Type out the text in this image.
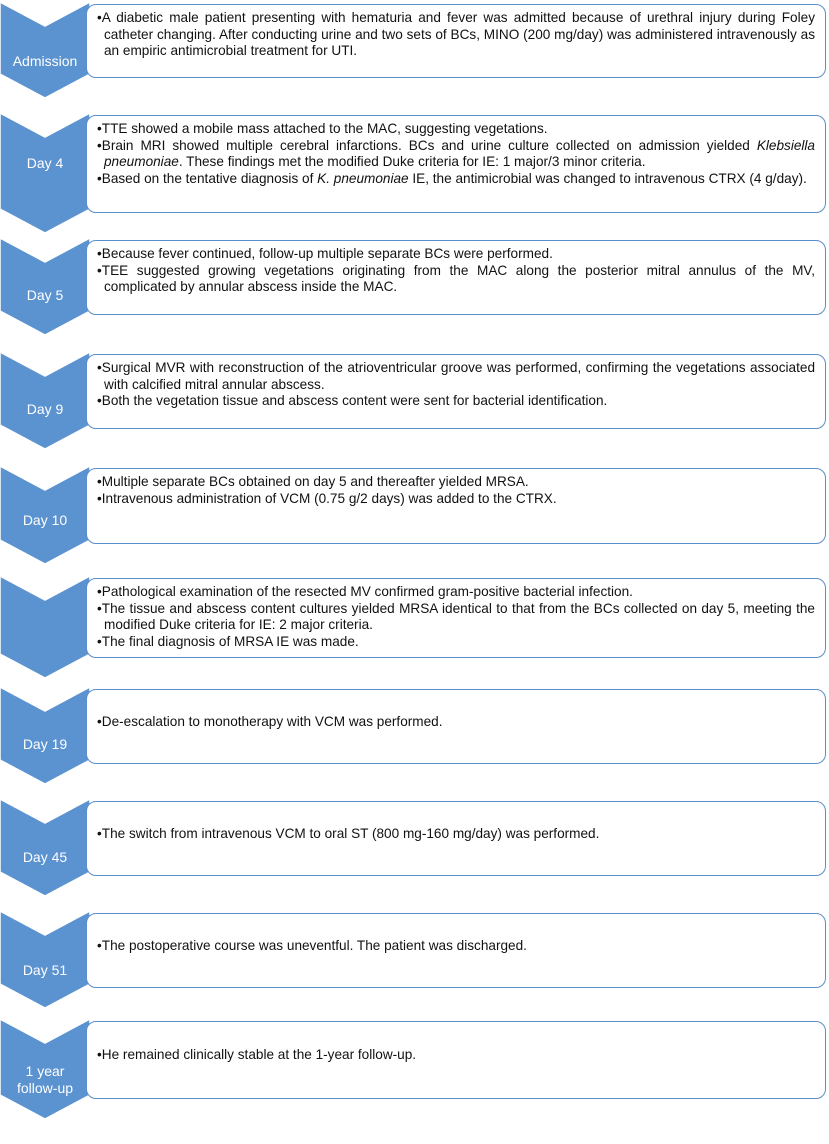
Admission
Day 4
Day 5
Day 9
Day 10
Day 19
Day 45
Day 51
1 year follow-up

•A diabetic male patient presenting with hematuria and fever was admitted because of urethral injury during Foley catheter changing. After conducting urine and two sets of BCs, MINO (200 mg/day) was administered intravenously as an empiric antimicrobial treatment for UTI.

•TTE showed a mobile mass attached to the MAC, suggesting vegetations.

•Brain MRI showed multiple cerebral infarctions. BCs and urine culture collected on admission yielded Klebsiella pneumoniae. These findings met the modified Duke criteria for IE: 1 major/3 minor criteria.

•Based on the tentative diagnosis of K. pneumoniae IE, the antimicrobial was changed to intravenous CTRX (4 g/day).

•Because fever continued, follow-up multiple separate BCs were performed.

•TEE suggested growing vegetations originating from the MAC along the posterior mitral annulus of the MV, complicated by annular abscess inside the MAC.

•Surgical MVR with reconstruction of the atrioventricular groove was performed, confirming the vegetations associated with calcified mitral annular abscess.

•Both the vegetation tissue and abscess content were sent for bacterial identification.

•Multiple separate BCs obtained on day 5 and thereafter yielded MRSA.

•Intravenous administration of VCM (0.75 g/2 days) was added to the CTRX.

•Pathological examination of the resected MV confirmed gram-positive bacterial infection.

•The tissue and abscess content cultures yielded MRSA identical to that from the BCs collected on day 5, meeting the modified Duke criteria for IE: 2 major criteria.

•The final diagnosis of MRSA IE was made.

•De-escalation to monotherapy with VCM was performed.

•The switch from intravenous VCM to oral ST (800 mg-160 mg/day) was performed.

•The postoperative course was uneventful. The patient was discharged.

•He remained clinically stable at the 1-year follow-up.
